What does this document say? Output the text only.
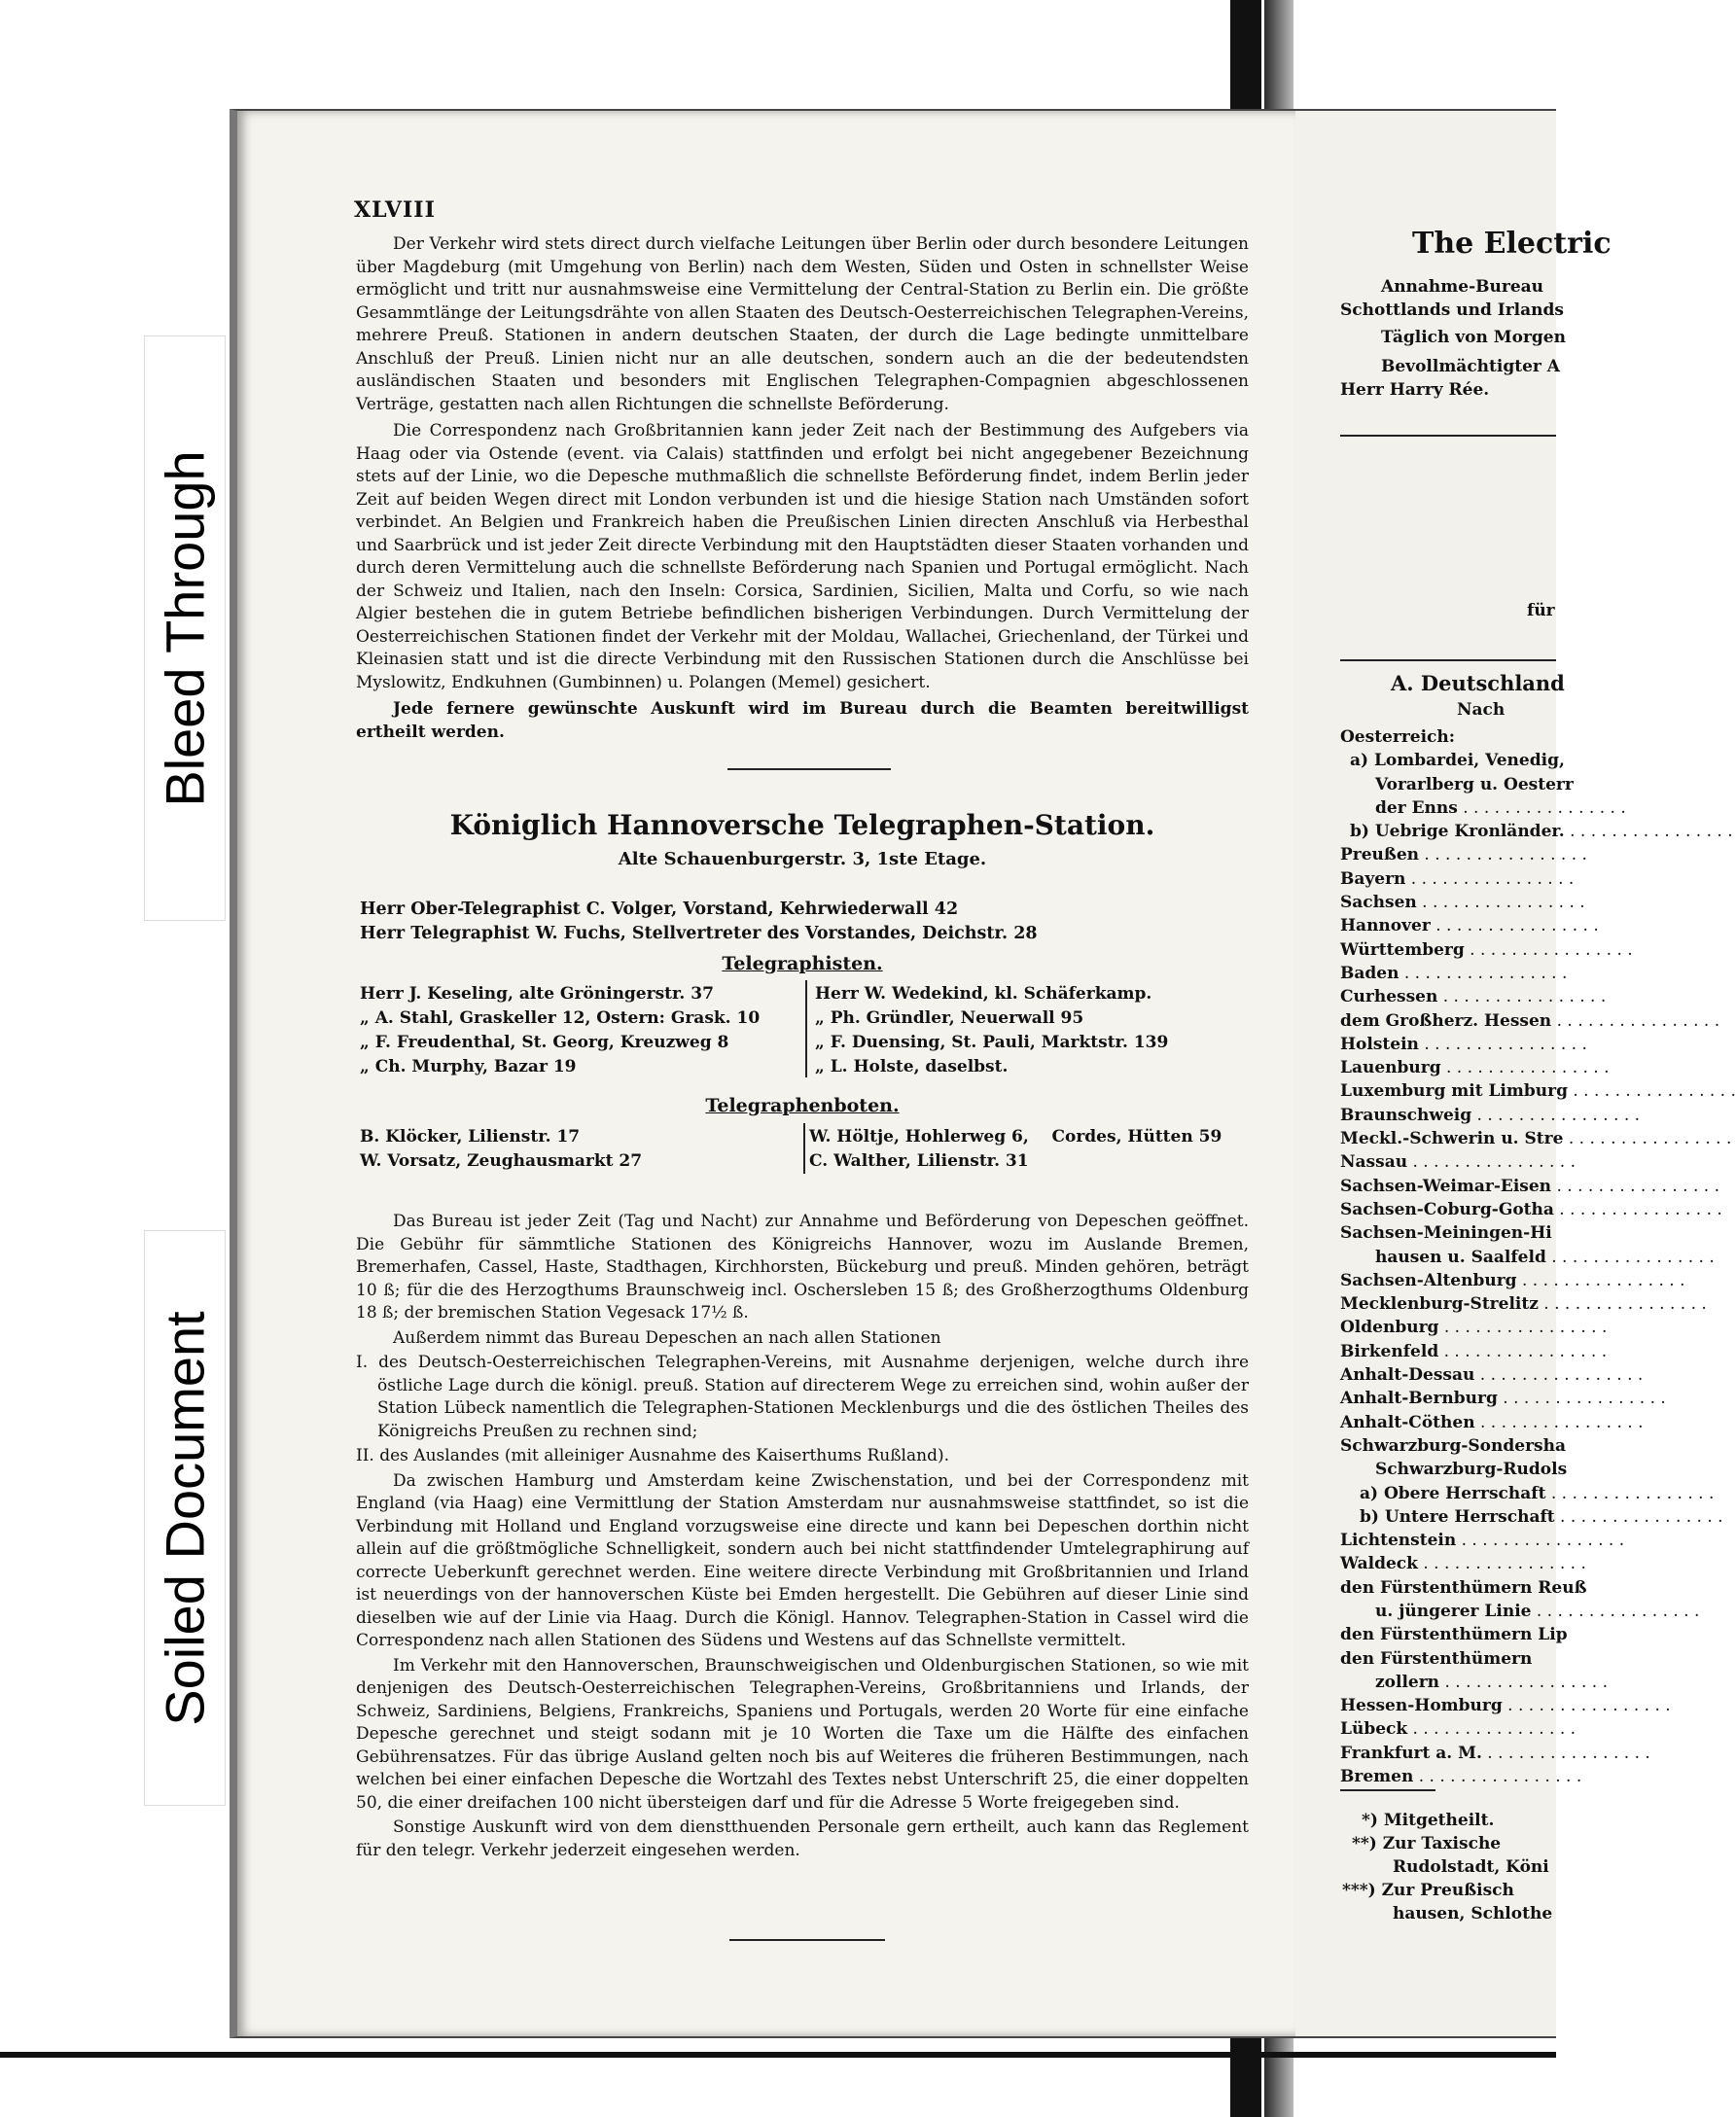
Bleed Through
Soiled Document
XLVIII

Der Verkehr wird stets direct durch vielfache Leitungen über Berlin oder durch besondere Leitungen über Magdeburg (mit Umgehung von Berlin) nach dem Westen, Süden und Osten in schnellster Weise ermöglicht und tritt nur ausnahmsweise eine Vermittelung der Central-Station zu Berlin ein. Die größte Gesammtlänge der Leitungsdrähte von allen Staaten des Deutsch-Oesterreichischen Telegraphen-Vereins, mehrere Preuß. Stationen in andern deutschen Staaten, der durch die Lage bedingte unmittelbare Anschluß der Preuß. Linien nicht nur an alle deutschen, sondern auch an die der bedeutendsten ausländischen Staaten und besonders mit Englischen Telegraphen-Compagnien abgeschlossenen Verträge, gestatten nach allen Richtungen die schnellste Beförderung.

Die Correspondenz nach Großbritannien kann jeder Zeit nach der Bestimmung des Aufgebers via Haag oder via Ostende (event. via Calais) stattfinden und erfolgt bei nicht angegebener Bezeichnung stets auf der Linie, wo die Depesche muthmaßlich die schnellste Beförderung findet, indem Berlin jeder Zeit auf beiden Wegen direct mit London verbunden ist und die hiesige Station nach Umständen sofort verbindet. An Belgien und Frankreich haben die Preußischen Linien directen Anschluß via Herbesthal und Saarbrück und ist jeder Zeit directe Verbindung mit den Hauptstädten dieser Staaten vorhanden und durch deren Vermittelung auch die schnellste Beförderung nach Spanien und Portugal ermöglicht. Nach der Schweiz und Italien, nach den Inseln: Corsica, Sardinien, Sicilien, Malta und Corfu, so wie nach Algier bestehen die in gutem Betriebe befindlichen bisherigen Verbindungen. Durch Vermittelung der Oesterreichischen Stationen findet der Verkehr mit der Moldau, Wallachei, Griechenland, der Türkei und Kleinasien statt und ist die directe Verbindung mit den Russischen Stationen durch die Anschlüsse bei Myslowitz, Endkuhnen (Gumbinnen) u. Polangen (Memel) gesichert.

Jede fernere gewünschte Auskunft wird im Bureau durch die Beamten bereitwilligst ertheilt werden.

Königlich Hannoversche Telegraphen-Station.
Alte Schauenburgerstr. 3, 1ste Etage.
Herr Ober-Telegraphist C. Volger, Vorstand, Kehrwiederwall 42
Herr Telegraphist W. Fuchs, Stellvertreter des Vorstandes, Deichstr. 28
Telegraphisten.
Herr J. Keseling, alte Gröningerstr. 37
„ A. Stahl, Graskeller 12, Ostern: Grask. 10
„ F. Freudenthal, St. Georg, Kreuzweg 8
„ Ch. Murphy, Bazar 19
Herr W. Wedekind, kl. Schäferkamp.
„ Ph. Gründler, Neuerwall 95
„ F. Duensing, St. Pauli, Marktstr. 139
„ L. Holste, daselbst.
Telegraphenboten.
B. Klöcker, Lilienstr. 17
W. Vorsatz, Zeughausmarkt 27
W. Höltje, Hohlerweg 6,    Cordes, Hütten 59
C. Walther, Lilienstr. 31

Das Bureau ist jeder Zeit (Tag und Nacht) zur Annahme und Beförderung von Depeschen geöffnet. Die Gebühr für sämmtliche Stationen des Königreichs Hannover, wozu im Auslande Bremen, Bremerhafen, Cassel, Haste, Stadthagen, Kirchhorsten, Bückeburg und preuß. Minden gehören, beträgt 10 ß; für die des Herzogthums Braunschweig incl. Oschersleben 15 ß; des Großherzogthums Oldenburg 18 ß; der bremischen Station Vegesack 17½ ß.

Außerdem nimmt das Bureau Depeschen an nach allen Stationen

I. des Deutsch-Oesterreichischen Telegraphen-Vereins, mit Ausnahme derjenigen, welche durch ihre östliche Lage durch die königl. preuß. Station auf directerem Wege zu erreichen sind, wohin außer der Station Lübeck namentlich die Telegraphen-Stationen Mecklenburgs und die des östlichen Theiles des Königreichs Preußen zu rechnen sind;

II. des Auslandes (mit alleiniger Ausnahme des Kaiserthums Rußland).

Da zwischen Hamburg und Amsterdam keine Zwischenstation, und bei der Correspondenz mit England (via Haag) eine Vermittlung der Station Amsterdam nur ausnahmsweise stattfindet, so ist die Verbindung mit Holland und England vorzugsweise eine directe und kann bei Depeschen dorthin nicht allein auf die größtmögliche Schnelligkeit, sondern auch bei nicht stattfindender Umtelegraphirung auf correcte Ueberkunft gerechnet werden. Eine weitere directe Verbindung mit Großbritannien und Irland ist neuerdings von der hannoverschen Küste bei Emden hergestellt. Die Gebühren auf dieser Linie sind dieselben wie auf der Linie via Haag. Durch die Königl. Hannov. Telegraphen-Station in Cassel wird die Correspondenz nach allen Stationen des Südens und Westens auf das Schnellste vermittelt.

Im Verkehr mit den Hannoverschen, Braunschweigischen und Oldenburgischen Stationen, so wie mit denjenigen des Deutsch-Oesterreichischen Telegraphen-Vereins, Großbritanniens und Irlands, der Schweiz, Sardiniens, Belgiens, Frankreichs, Spaniens und Portugals, werden 20 Worte für eine einfache Depesche gerechnet und steigt sodann mit je 10 Worten die Taxe um die Hälfte des einfachen Gebührensatzes. Für das übrige Ausland gelten noch bis auf Weiteres die früheren Bestimmungen, nach welchen bei einer einfachen Depesche die Wortzahl des Textes nebst Unterschrift 25, die einer doppelten 50, die einer dreifachen 100 nicht übersteigen darf und für die Adresse 5 Worte freigegeben sind.

Sonstige Auskunft wird von dem dienstthuenden Personale gern ertheilt, auch kann das Reglement für den telegr. Verkehr jederzeit eingesehen werden.

The Electric
Annahme-Bureau
Schottlands und Irlands
Täglich von Morgen
Bevollmächtigter A
Herr Harry Rée.
für
A. Deutschland
Nach
Oesterreich:
a) Lombardei, Venedig,
Vorarlberg u. Oesterr
der Enns . . .
b) Uebrige Kronländer. . . .
Preußen . . .
Bayern . . .
Sachsen . . .
Hannover . . .
Württemberg . . .
Baden . . .
Curhessen . . .
dem Großherz. Hessen . . .
Holstein . . .
Lauenburg . . .
Luxemburg mit Limburg . . .
Braunschweig . . .
Meckl.-Schwerin u. Stre . . .
Nassau . . .
Sachsen-Weimar-Eisen . . .
Sachsen-Coburg-Gotha . . .
Sachsen-Meiningen-Hi
hausen u. Saalfeld . . .
Sachsen-Altenburg . . .
Mecklenburg-Strelitz . . .
Oldenburg . . .
Birkenfeld . . .
Anhalt-Dessau . . .
Anhalt-Bernburg . . .
Anhalt-Cöthen . . .
Schwarzburg-Sondersha
Schwarzburg-Rudols
a) Obere Herrschaft . . .
b) Untere Herrschaft . . .
Lichtenstein . . .
Waldeck . . .
den Fürstenthümern Reuß
u. jüngerer Linie . . .
den Fürstenthümern Lip
den Fürstenthümern
zollern . . .
Hessen-Homburg . . .
Lübeck . . .
Frankfurt a. M. . . .
Bremen . . .
*) Mitgetheilt.
**) Zur Taxische
Rudolstadt, Köni
***) Zur Preußisch
hausen, Schlothe
